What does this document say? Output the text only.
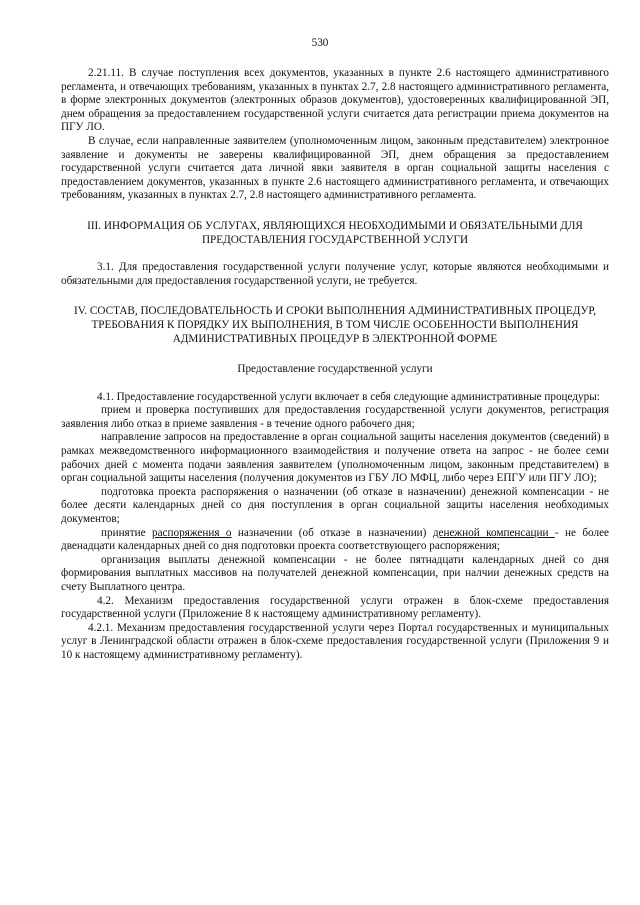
530

2.21.11. В случае поступления всех документов, указанных в пункте 2.6 настоящего административного регламента, и отвечающих требованиям, указанных в пунктах 2.7, 2.8 настоящего административного регламента, в форме электронных документов (электронных образов документов), удостоверенных квалифицированной ЭП, днем обращения за предоставлением государственной услуги считается дата регистрации приема документов на ПГУ ЛО.

В случае, если направленные заявителем (уполномоченным лицом, законным представителем) электронное заявление и документы не заверены квалифицированной ЭП, днем обращения за предоставлением государственной услуги считается дата личной явки заявителя в орган социальной защиты населения с предоставлением документов, указанных в пункте 2.6 настоящего административного регламента, и отвечающих требованиям, указанных в пунктах 2.7, 2.8 настоящего административного регламента.

III. ИНФОРМАЦИЯ ОБ УСЛУГАХ, ЯВЛЯЮЩИХСЯ НЕОБХОДИМЫМИ И ОБЯЗАТЕЛЬНЫМИ ДЛЯ ПРЕДОСТАВЛЕНИЯ ГОСУДАРСТВЕННОЙ УСЛУГИ

3.1. Для предоставления государственной услуги получение услуг, которые являются необходимыми и обязательными для предоставления государственной услуги, не требуется.

IV. СОСТАВ, ПОСЛЕДОВАТЕЛЬНОСТЬ И СРОКИ ВЫПОЛНЕНИЯ АДМИНИСТРАТИВНЫХ ПРОЦЕДУР, ТРЕБОВАНИЯ К ПОРЯДКУ ИХ ВЫПОЛНЕНИЯ, В ТОМ ЧИСЛЕ ОСОБЕННОСТИ ВЫПОЛНЕНИЯ АДМИНИСТРАТИВНЫХ ПРОЦЕДУР В ЭЛЕКТРОННОЙ ФОРМЕ

Предоставление государственной услуги

4.1. Предоставление государственной услуги включает в себя следующие административные процедуры:

прием и проверка поступивших для предоставления государственной услуги документов, регистрация заявления либо отказ в приеме заявления - в течение одного рабочего дня;

направление запросов на предоставление в орган социальной защиты населения документов (сведений) в рамках межведомственного информационного взаимодействия и получение ответа на запрос - не более семи рабочих дней с момента подачи заявления заявителем (уполномоченным лицом, законным представителем) в орган социальной защиты населения (получения документов из ГБУ ЛО МФЦ, либо через ЕПГУ или ПГУ ЛО);

подготовка проекта распоряжения о назначении (об отказе в назначении) денежной компенсации - не более десяти календарных дней со дня поступления в орган социальной защиты населения необходимых документов;

принятие распоряжения о назначении (об отказе в назначении) денежной компенсации - не более двенадцати календарных дней со дня подготовки проекта соответствующего распоряжения;

организация выплаты денежной компенсации - не более пятнадцати календарных дней со дня формирования выплатных массивов на получателей денежной компенсации, при налчии денежных средств на счету Выплатного центра.

4.2. Механизм предоставления государственной услуги отражен в блок-схеме предоставления государственной услуги (Приложение 8 к настоящему административному регламенту).

4.2.1. Механизм предоставления государственной услуги через Портал государственных и муниципальных услуг в Ленинградской области отражен в блок-схеме предоставления государственной услуги (Приложения 9 и 10 к настоящему административному регламенту).
